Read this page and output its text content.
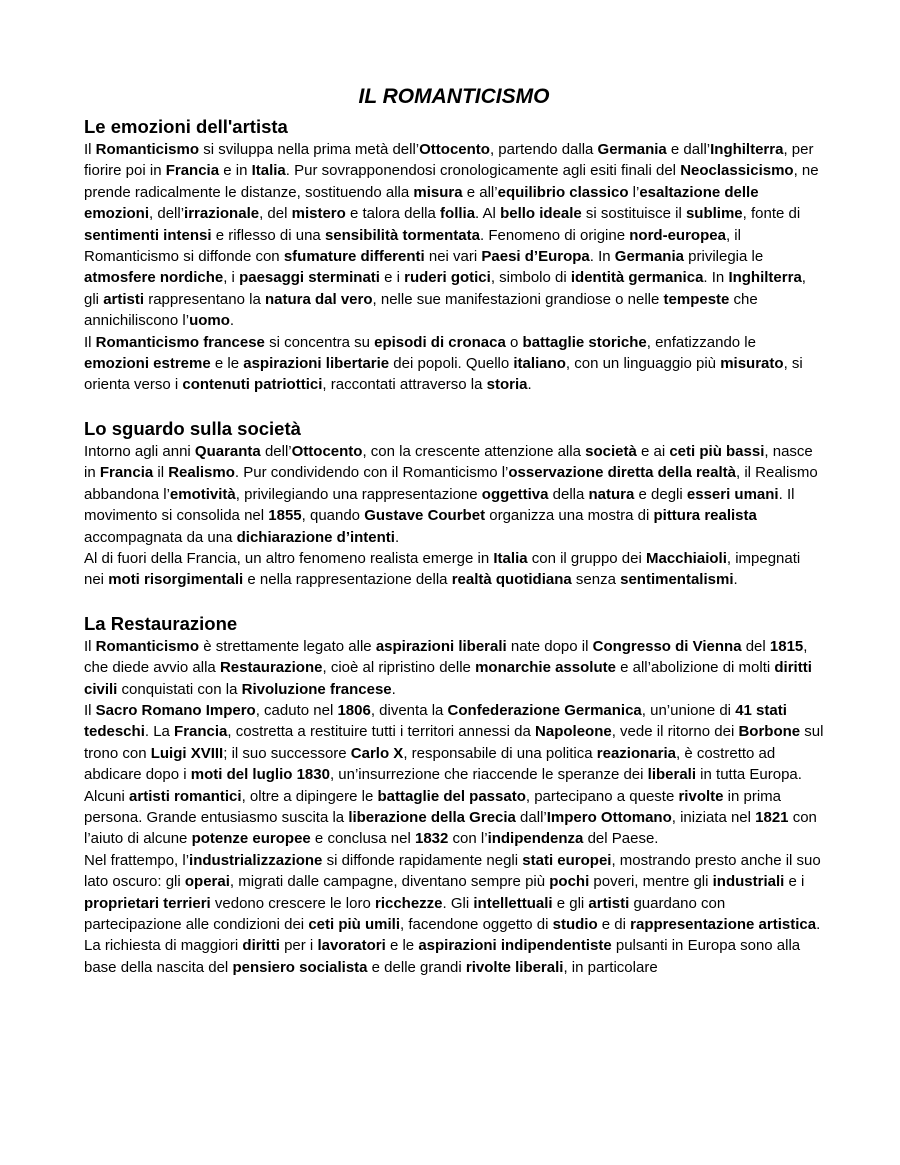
IL ROMANTICISMO
Le emozioni dell'artista

Il Romanticismo si sviluppa nella prima metà dell’Ottocento, partendo dalla Germania e dall’Inghilterra, per fiorire poi in Francia e in Italia. Pur sovrapponendosi cronologicamente agli esiti finali del Neoclassicismo, ne prende radicalmente le distanze, sostituendo alla misura e all’equilibrio classico l’esaltazione delle emozioni, dell’irrazionale, del mistero e talora della follia. Al bello ideale si sostituisce il sublime, fonte di sentimenti intensi e riflesso di una sensibilità tormentata. Fenomeno di origine nord-europea, il Romanticismo si diffonde con sfumature differenti nei vari Paesi d’Europa. In Germania privilegia le atmosfere nordiche, i paesaggi sterminati e i ruderi gotici, simbolo di identità germanica. In Inghilterra, gli artisti rappresentano la natura dal vero, nelle sue manifestazioni grandiose o nelle tempeste che annichiliscono l’uomo.

Il Romanticismo francese si concentra su episodi di cronaca o battaglie storiche, enfatizzando le emozioni estreme e le aspirazioni libertarie dei popoli. Quello italiano, con un linguaggio più misurato, si orienta verso i contenuti patriottici, raccontati attraverso la storia.

Lo sguardo sulla società

Intorno agli anni Quaranta dell’Ottocento, con la crescente attenzione alla società e ai ceti più bassi, nasce in Francia il Realismo. Pur condividendo con il Romanticismo l’osservazione diretta della realtà, il Realismo abbandona l’emotività, privilegiando una rappresentazione oggettiva della natura e degli esseri umani. Il movimento si consolida nel 1855, quando Gustave Courbet organizza una mostra di pittura realista accompagnata da una dichiarazione d’intenti.

Al di fuori della Francia, un altro fenomeno realista emerge in Italia con il gruppo dei Macchiaioli, impegnati nei moti risorgimentali e nella rappresentazione della realtà quotidiana senza sentimentalismi.

La Restaurazione

Il Romanticismo è strettamente legato alle aspirazioni liberali nate dopo il Congresso di Vienna del 1815, che diede avvio alla Restaurazione, cioè al ripristino delle monarchie assolute e all’abolizione di molti diritti civili conquistati con la Rivoluzione francese.

Il Sacro Romano Impero, caduto nel 1806, diventa la Confederazione Germanica, un’unione di 41 stati tedeschi. La Francia, costretta a restituire tutti i territori annessi da Napoleone, vede il ritorno dei Borbone sul trono con Luigi XVIII; il suo successore Carlo X, responsabile di una politica reazionaria, è costretto ad abdicare dopo i moti del luglio 1830, un’insurrezione che riaccende le speranze dei liberali in tutta Europa.

Alcuni artisti romantici, oltre a dipingere le battaglie del passato, partecipano a queste rivolte in prima persona. Grande entusiasmo suscita la liberazione della Grecia dall’Impero Ottomano, iniziata nel 1821 con l’aiuto di alcune potenze europee e conclusa nel 1832 con l’indipendenza del Paese.

Nel frattempo, l’industrializzazione si diffonde rapidamente negli stati europei, mostrando presto anche il suo lato oscuro: gli operai, migrati dalle campagne, diventano sempre più pochi poveri, mentre gli industriali e i proprietari terrieri vedono crescere le loro ricchezze. Gli intellettuali e gli artisti guardano con partecipazione alle condizioni dei ceti più umili, facendone oggetto di studio e di rappresentazione artistica.

La richiesta di maggiori diritti per i lavoratori e le aspirazioni indipendentiste pulsanti in Europa sono alla base della nascita del pensiero socialista e delle grandi rivolte liberali, in particolare
